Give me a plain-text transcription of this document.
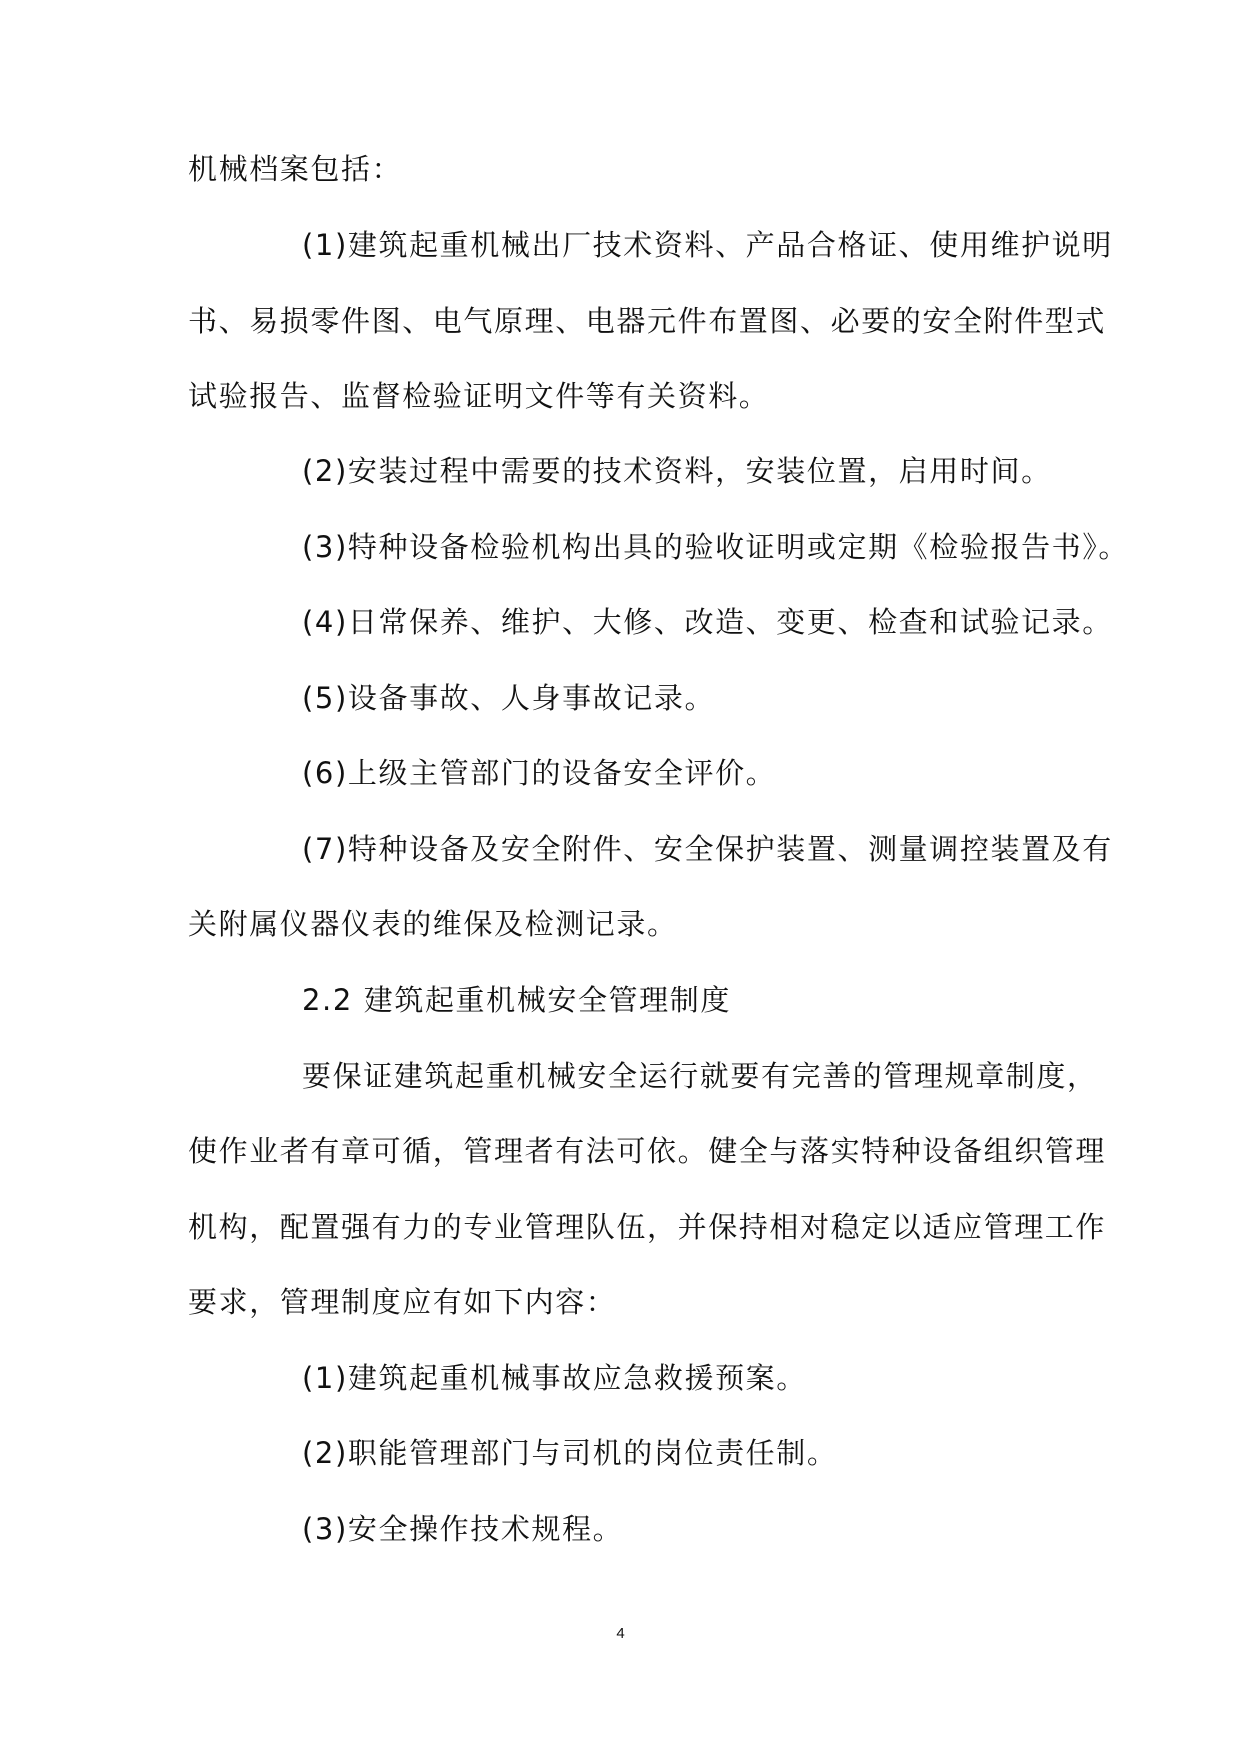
机械档案包括：
(1)建筑起重机械出厂技术资料、产品合格证、使用维护说明
书、易损零件图、电气原理、电器元件布置图、必要的安全附件型式
试验报告、监督检验证明文件等有关资料。
(2)安装过程中需要的技术资料，安装位置，启用时间。
(3)特种设备检验机构出具的验收证明或定期《检验报告书》。
(4)日常保养、维护、大修、改造、变更、检查和试验记录。
(5)设备事故、人身事故记录。
(6)上级主管部门的设备安全评价。
(7)特种设备及安全附件、安全保护装置、测量调控装置及有
关附属仪器仪表的维保及检测记录。
2.2 建筑起重机械安全管理制度
要保证建筑起重机械安全运行就要有完善的管理规章制度，
使作业者有章可循，管理者有法可依。健全与落实特种设备组织管理
机构，配置强有力的专业管理队伍，并保持相对稳定以适应管理工作
要求，管理制度应有如下内容：
(1)建筑起重机械事故应急救援预案。
(2)职能管理部门与司机的岗位责任制。
(3)安全操作技术规程。
4
